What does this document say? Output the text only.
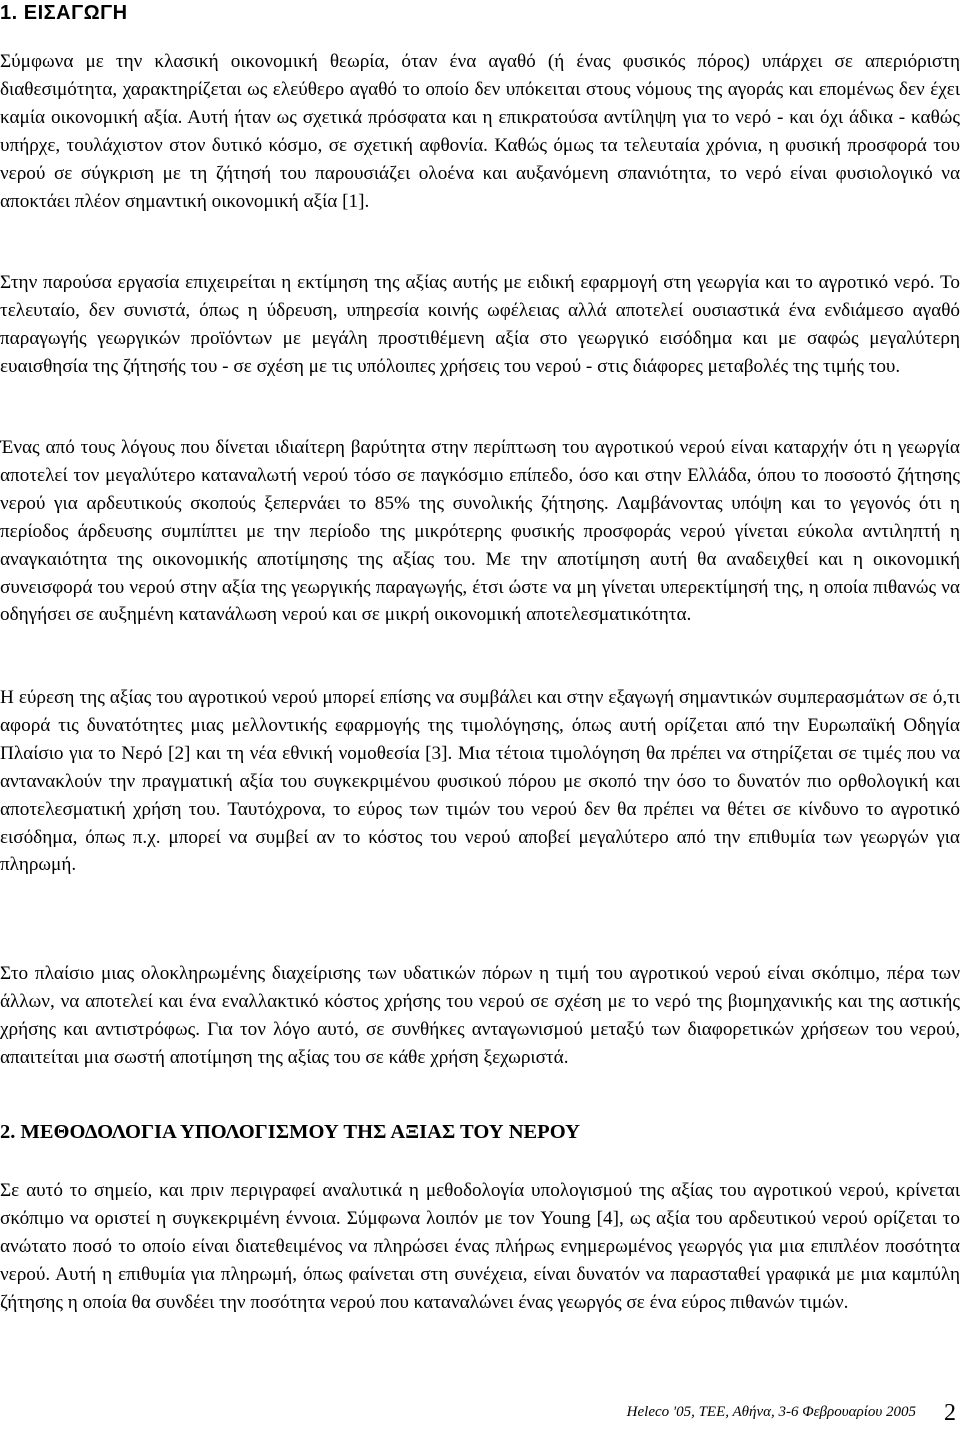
1. ΕΙΣΑΓΩΓΗ

Σύμφωνα με την κλασική οικονομική θεωρία, όταν ένα αγαθό (ή ένας φυσικός πόρος) υπάρχει σε απεριόριστη διαθεσιμότητα, χαρακτηρίζεται ως ελεύθερο αγαθό το οποίο δεν υπόκειται στους νόμους της αγοράς και επομένως δεν έχει καμία οικονομική αξία. Αυτή ήταν ως σχετικά πρόσφατα και η επικρατούσα αντίληψη για το νερό - και όχι άδικα - καθώς υπήρχε, τουλάχιστον στον δυτικό κόσμο, σε σχετική αφθονία. Καθώς όμως τα τελευταία χρόνια, η φυσική προσφορά του νερού σε σύγκριση με τη ζήτησή του παρουσιάζει ολοένα και αυξανόμενη σπανιότητα, το νερό είναι φυσιολογικό να αποκτάει πλέον σημαντική οικονομική αξία [1].

Στην παρούσα εργασία επιχειρείται η εκτίμηση της αξίας αυτής με ειδική εφαρμογή στη γεωργία και το αγροτικό νερό. Το τελευταίο, δεν συνιστά, όπως η ύδρευση, υπηρεσία κοινής ωφέλειας αλλά αποτελεί ουσιαστικά ένα ενδιάμεσο αγαθό παραγωγής γεωργικών προϊόντων με μεγάλη προστιθέμενη αξία στο γεωργικό εισόδημα και με σαφώς μεγαλύτερη ευαισθησία της ζήτησής του - σε σχέση με τις υπόλοιπες χρήσεις του νερού - στις διάφορες μεταβολές της τιμής του.

Ένας από τους λόγους που δίνεται ιδιαίτερη βαρύτητα στην περίπτωση του αγροτικού νερού είναι καταρχήν ότι η γεωργία αποτελεί τον μεγαλύτερο καταναλωτή νερού τόσο σε παγκόσμιο επίπεδο, όσο και στην Ελλάδα, όπου το ποσοστό ζήτησης νερού για αρδευτικούς σκοπούς ξεπερνάει το 85% της συνολικής ζήτησης. Λαμβάνοντας υπόψη και το γεγονός ότι η περίοδος άρδευσης συμπίπτει με την περίοδο της μικρότερης φυσικής προσφοράς νερού γίνεται εύκολα αντιληπτή η αναγκαιότητα της οικονομικής αποτίμησης της αξίας του. Με την αποτίμηση αυτή θα αναδειχθεί και η οικονομική συνεισφορά του νερού στην αξία της γεωργικής παραγωγής, έτσι ώστε να μη γίνεται υπερεκτίμησή της, η οποία πιθανώς να οδηγήσει σε αυξημένη κατανάλωση νερού και σε μικρή οικονομική αποτελεσματικότητα.

Η εύρεση της αξίας του αγροτικού νερού μπορεί επίσης να συμβάλει και στην εξαγωγή σημαντικών συμπερασμάτων σε ό,τι αφορά τις δυνατότητες μιας μελλοντικής εφαρμογής της τιμολόγησης, όπως αυτή ορίζεται από την Ευρωπαϊκή Οδηγία Πλαίσιο για το Νερό [2] και τη νέα εθνική νομοθεσία [3]. Μια τέτοια τιμολόγηση θα πρέπει να στηρίζεται σε τιμές που να αντανακλούν την πραγματική αξία του συγκεκριμένου φυσικού πόρου με σκοπό την όσο το δυνατόν πιο ορθολογική και αποτελεσματική χρήση του. Ταυτόχρονα, το εύρος των τιμών του νερού δεν θα πρέπει να θέτει σε κίνδυνο το αγροτικό εισόδημα, όπως π.χ. μπορεί να συμβεί αν το κόστος του νερού αποβεί μεγαλύτερο από την επιθυμία των γεωργών για πληρωμή.

Στο πλαίσιο μιας ολοκληρωμένης διαχείρισης των υδατικών πόρων η τιμή του αγροτικού νερού είναι σκόπιμο, πέρα των άλλων, να αποτελεί και ένα εναλλακτικό κόστος χρήσης του νερού σε σχέση με το νερό της βιομηχανικής και της αστικής χρήσης και αντιστρόφως. Για τον λόγο αυτό, σε συνθήκες ανταγωνισμού μεταξύ των διαφορετικών χρήσεων του νερού, απαιτείται μια σωστή αποτίμηση της αξίας του σε κάθε χρήση ξεχωριστά.

2. ΜΕΘΟΔΟΛΟΓΙΑ ΥΠΟΛΟΓΙΣΜΟΥ ΤΗΣ ΑΞΙΑΣ ΤΟΥ ΝΕΡΟΥ

Σε αυτό το σημείο, και πριν περιγραφεί αναλυτικά η μεθοδολογία υπολογισμού της αξίας του αγροτικού νερού, κρίνεται σκόπιμο να οριστεί η συγκεκριμένη έννοια. Σύμφωνα λοιπόν με τον Young [4], ως αξία του αρδευτικού νερού ορίζεται το ανώτατο ποσό το οποίο είναι διατεθειμένος να πληρώσει ένας πλήρως ενημερωμένος γεωργός για μια επιπλέον ποσότητα νερού. Αυτή η επιθυμία για πληρωμή, όπως φαίνεται στη συνέχεια, είναι δυνατόν να παρασταθεί γραφικά με μια καμπύλη ζήτησης η οποία θα συνδέει την ποσότητα νερού που καταναλώνει ένας γεωργός σε ένα εύρος πιθανών τιμών.

Heleco '05, ΤΕΕ, Αθήνα, 3-6 Φεβρουαρίου 2005 2
